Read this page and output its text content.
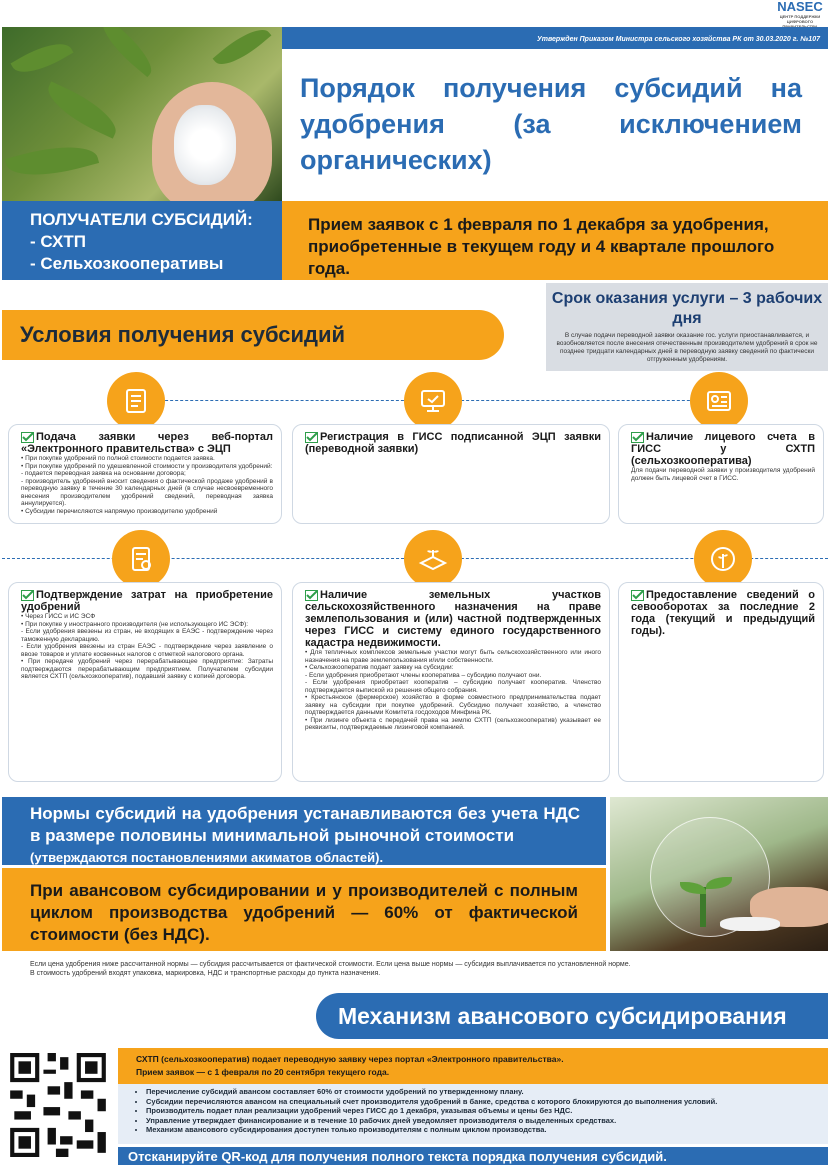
NASEC
ЦЕНТР ПОДДЕРЖКИ ЦИФРОВОГО
Утвержден Приказом Министра сельского хозяйства РК от 30.03.2020 г. №107
Порядок получения субсидий на удобрения (за исключением органических)
ПОЛУЧАТЕЛИ СУБСИДИЙ:
- СХТП
- Сельхозкооперативы
Прием заявок с 1 февраля по 1 декабря за удобрения, приобретенные в текущем году и 4 квартале прошлого года.
Срок оказания услуги – 3 рабочих дня

В случае подачи переводной заявки оказание гос. услуги приостанавливается, и возобновляется после внесения отечественным производителем удобрений в срок не позднее тридцати календарных дней в переводную заявку сведений по фактически отгруженным удобрениям.

Условия получения субсидий
Подача заявки через веб-портал «Электронного правительства» с ЭЦП

• При покупке удобрений по полной стоимости подается заявка.

• При покупке удобрений по удешевленной стоимости у производителя удобрений:

- подается переводная заявка на основании договора;

- производитель удобрений вносит сведения о фактической продаже удобрений в переводную заявку в течение 30 календарных дней (в случае несвоевременного внесения производителем удобрений сведений, переводная заявка аннулируется).

• Субсидии перечисляются напрямую производителю удобрений

Регистрация в ГИСС подписанной ЭЦП заявки (переводной заявки)
Наличие лицевого счета в ГИСС у СХТП (сельхозкооператива)

Для подачи переводной заявки у производителя удобрений должен быть лицевой счет в ГИСС.

Подтверждение затрат на приобретение удобрений

• Через ГИСС и ИС ЭСФ

• При покупке у иностранного производителя (не использующего ИС ЭСФ):

- Если удобрения ввезены из стран, не входящих в ЕАЭС - подтверждение через таможенную декларацию.

- Если удобрения ввезены из стран ЕАЭС - подтверждение через заявление о ввозе товаров и уплате косвенных налогов с отметкой налогового органа.

• При передаче удобрений через перерабатывающее предприятие: Затраты подтверждаются перерабатывающим предприятием. Получателем субсидии является СХТП (сельхозкооператив), подавший заявку с копией договора.

Наличие земельных участков сельскохозяйственного назначения на праве землепользования и (или) частной подтвержденных через ГИСС и систему единого государственного кадастра недвижимости.

• Для тепличных комплексов земельные участки могут быть сельскохозяйственного или иного назначения на праве землепользования и/или собственности.

• Сельхозкооператив подает заявку на субсидии:

- Если удобрения приобретают члены кооператива – субсидию получают они.

- Если удобрения приобретает кооператив – субсидию получает кооператив. Членство подтверждается выпиской из решения общего собрания.

• Крестьянское (фермерское) хозяйство в форме совместного предпринимательства подает заявку на субсидии при покупке удобрений. Субсидию получает хозяйство, а членство подтверждается данными Комитета госдоходов Минфина РК.

• При лизинге объекта с передачей права на землю СХТП (сельхозкооператив) указывает ее реквизиты, подтверждаемые лизинговой компанией.

Предоставление сведений о севооборотах за последние 2 года (текущий и предыдущий годы).
Нормы субсидий на удобрения устанавливаются без учета НДС в размере половины минимальной рыночной стоимости
(утверждаются постановлениями акиматов областей).
При авансовом субсидировании и у производителей с полным циклом производства удобрений — 60% от фактической стоимости (без НДС).
Если цена удобрения ниже рассчитанной нормы — субсидия рассчитывается от фактической стоимости. Если цена выше нормы — субсидия выплачивается по установленной норме.
В стоимость удобрений входят упаковка, маркировка, НДС и транспортные расходы до пункта назначения.
Механизм авансового субсидирования
СХТП (сельхозкооператив) подает переводную заявку через портал «Электронного правительства».
Прием заявок — с 1 февраля по 20 сентября текущего года.
• Перечисление субсидий авансом составляет 60% от стоимости удобрений по утвержденному плану.
• Субсидии перечисляются авансом на специальный счет производителя удобрений в банке, средства с которого блокируются до выполнения условий.
• Производитель подает план реализации удобрений через ГИСС до 1 декабря, указывая объемы и цены без НДС.
• Управление утверждает финансирование и в течение 10 рабочих дней уведомляет производителя о выделенных средствах.
• Механизм авансового субсидирования доступен только производителям с полным циклом производства.
Отсканируйте QR-код для получения полного текста порядка получения субсидий.
